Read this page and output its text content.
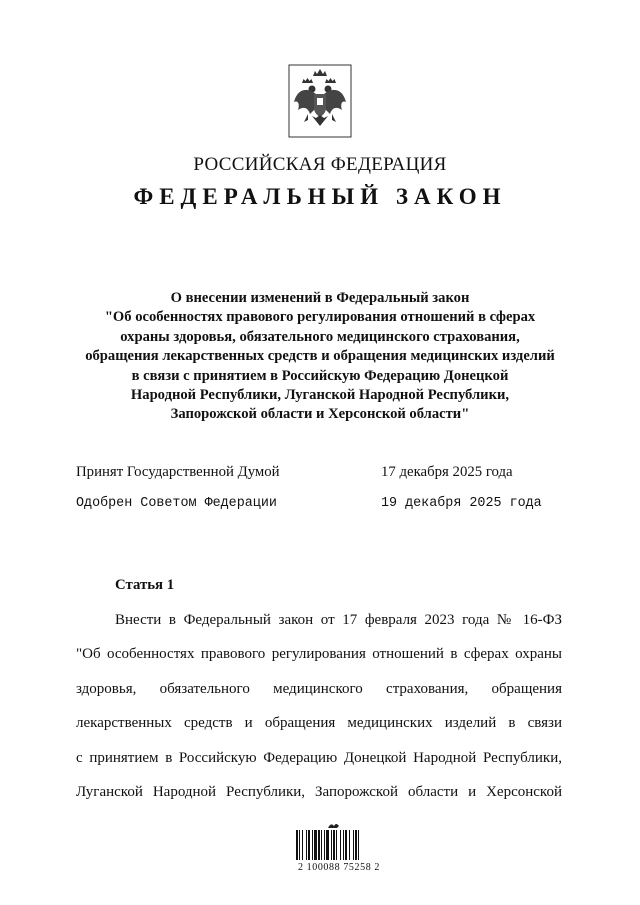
РОССИЙСКАЯ ФЕДЕРАЦИЯ
ФЕДЕРАЛЬНЫЙ ЗАКОН
О внесении изменений в Федеральный закон
"Об особенностях правового регулирования отношений в сферах
охраны здоровья, обязательного медицинского страхования,
обращения лекарственных средств и обращения медицинских изделий
в связи с принятием в Российскую Федерацию Донецкой
Народной Республики, Луганской Народной Республики,
Запорожской области и Херсонской области"
Принят Государственной Думой	17 декабря 2025 года
Одобрен Советом Федерации	19 декабря 2025 года
Статья 1
Внести в Федеральный закон от 17 февраля 2023 года № 16-ФЗ
"Об особенностях правового регулирования отношений в сферах охраны
здоровья, обязательного медицинского страхования, обращения
лекарственных средств и обращения медицинских изделий в связи
с принятием в Российскую Федерацию Донецкой Народной Республики,
Луганской Народной Республики, Запорожской области и Херсонской
2 100088 75258 2
